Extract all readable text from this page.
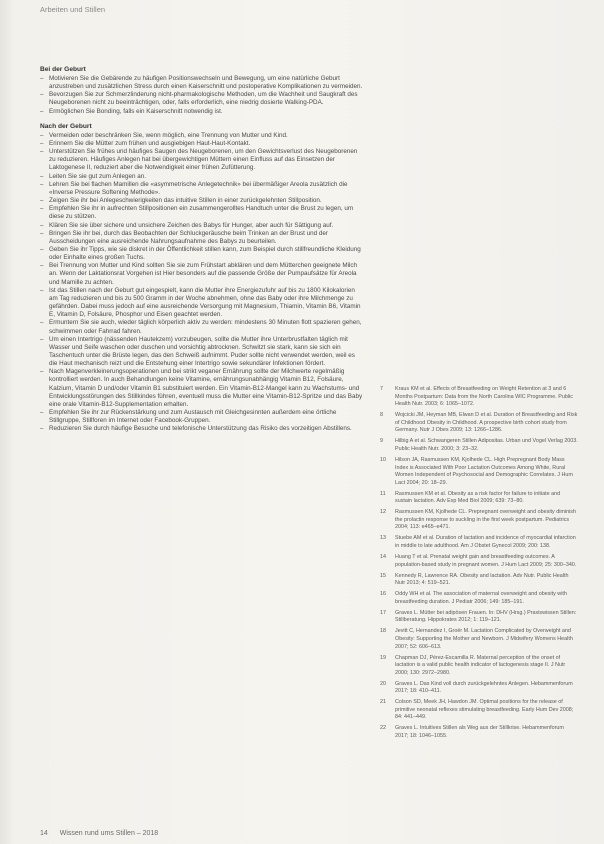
Arbeiten und Stillen
Bei der Geburt
– Motivieren Sie die Gebärende zu häufigen Positionswechseln und Bewegung, um eine natürliche Geburt anzustreben und zusätzlichen Stress durch einen Kaiserschnitt und postoperative Komplikationen zu vermeiden.
– Bevorzugen Sie zur Schmerzlinderung nicht-pharmakologische Methoden, um die Wachheit und Saugkraft des Neugeborenen nicht zu beeinträchtigen, oder, falls erforderlich, eine niedrig dosierte Walking-PDA.
– Ermöglichen Sie Bonding, falls ein Kaiserschnitt notwendig ist.
Nach der Geburt
– Vermeiden oder beschränken Sie, wenn möglich, eine Trennung von Mutter und Kind.
– Erinnern Sie die Mütter zum frühen und ausgiebigen Haut-Haut-Kontakt.
– Unterstützen Sie frühes und häufiges Saugen des Neugeborenen, um den Gewichtsverlust des Neugeborenen zu reduzieren. Häufiges Anlegen hat bei übergewichtigen Müttern einen Einfluss auf das Einsetzen der Laktogenese II, reduziert aber die Notwendigkeit einer frühen Zufütterung.
– Leiten Sie sie gut zum Anlegen an.
– Lehren Sie bei flachen Mamillen die «asymmetrische Anlegetechnik» bei übermäßiger Areola zusätzlich die «Inverse Pressure Softening Methode».
– Zeigen Sie ihr bei Anlegeschwierigkeiten das intuitive Stillen in einer zurückgelehnten Stillposition.
– Empfehlen Sie ihr in aufrechten Stillpositionen ein zusammengerolltes Handtuch unter die Brust zu legen, um diese zu stützen.
– Klären Sie sie über sichere und unsichere Zeichen des Babys für Hunger, aber auch für Sättigung auf.
– Bringen Sie ihr bei, durch das Beobachten der Schluckgeräusche beim Trinken an der Brust und der Ausscheidungen eine ausreichende Nahrungsaufnahme des Babys zu beurteilen.
– Geben Sie ihr Tipps, wie sie diskret in der Öffentlichkeit stillen kann, zum Beispiel durch stillfreundliche Kleidung oder Einhalte eines großen Tuchs.
– Bei Trennung von Mutter und Kind sollten Sie sie zum Frühstart abklären und dem Mütterchen geeignete Milch an. Wenn der Laktationsrat Vorgehen ist Hier besonders auf die passende Größe der Pumpaufsätze für Areola und Mamille zu achten.
– Ist das Stillen nach der Geburt gut eingespielt, kann die Mutter ihre Energiezufuhr auf bis zu 1800 Kilokalorien am Tag reduzieren und bis zu 500 Gramm in der Woche abnehmen, ohne das Baby oder ihre Milchmenge zu gefährden. Dabei muss jedoch auf eine ausreichende Versorgung mit Magnesium, Thiamin, Vitamin B6, Vitamin E, Vitamin D, Folsäure, Phosphor und Eisen geachtet werden.
– Ermuntern Sie sie auch, wieder täglich körperlich aktiv zu werden: mindestens 30 Minuten flott spazieren gehen, schwimmen oder Fahrrad fahren.
– Um einen Intertrigo (nässenden Hautekzem) vorzubeugen, sollte die Mutter ihre Unterbrustfalten täglich mit Wasser und Seife waschen oder duschen und vorsichtig abtrocknen. Schwitzt sie stark, kann sie sich ein Taschentuch unter die Brüste legen, das den Schweiß aufnimmt. Puder sollte nicht verwendet werden, weil es die Haut mechanisch reizt und die Entstehung einer Intertrigo sowie sekundärer Infektionen fördert.
– Nach Magenverkleinerungsoperationen und bei strikt veganer Ernährung sollte der Milchwerte regelmäßig kontrolliert werden. In auch Behandlungen keine Vitamine, ernährungsunabhängig Vitamin B12, Folsäure, Kalzium, Vitamin D und/oder Vitamin B1 substituiert werden. Ein Vitamin-B12-Mangel kann zu Wachstums- und Entwicklungsstörungen des Stillkindes führen, eventuell muss die Mutter eine Vitamin-B12-Spritze und das Baby eine orale Vitamin-B12-Supplementation erhalten.
– Empfehlen Sie ihr zur Rückenstärkung und zum Austausch mit Gleichgesinnten außerdem eine örtliche Stillgruppe, Stillforen im Internet oder Facebook-Gruppen.
– Reduzieren Sie durch häufige Besuche und telefonische Unterstützung das Risiko des vorzeitigen Abstillens.
7 Kraus KM et al. Effects of Breastfeeding on Weight Retention at 3 and 6 Months Postpartum: Data from the North Carolina WIC Programme. Public Health Nutr. 2003; 6: 1065–1072.
8 Wojcicki JM, Heyman MB, Elwan D et al. Duration of Breastfeeding and Risk of Childhood Obesity in Childhood. A prospective birth cohort study from Germany. Nutr J Obes 2009; 13: 1266–1286.
9 Hilbig A et al. Schwangeren Stillen Adipositas. Urban und Vogel Verlag 2003. Public Health Nutr. 2000; 3: 23–32.
10 Hilson JA, Rasmussen KM, Kjolhede CL. High Prepregnant Body Mass Index is Associated With Poor Lactation Outcomes Among White, Rural Women Independent of Psychosocial and Demographic Correlates. J Hum Lact 2004; 20: 18–29.
11 Rasmussen KM et al. Obesity as a risk factor for failure to initiate and sustain lactation. Adv Exp Med Biol 2009; 639: 73–80.
12 Rasmussen KM, Kjolhede CL. Prepregnant overweight and obesity diminish the prolactin response to suckling in the first week postpartum. Pediatrics 2004; 113: e465–e471.
13 Stuebe AM et al. Duration of lactation and incidence of myocardial infarction in middle to late adulthood. Am J Obstet Gynecol 2009; 200: 138.
14 Huang T et al. Prenatal weight gain and breastfeeding outcomes. A population-based study in pregnant women. J Hum Lact 2009; 25: 300–340.
15 Kennedy R, Lawrence RA. Obesity and lactation. Adv Nutr. Public Health Nutr 2013; 4: 519–521.
16 Oddy WH et al. The association of maternal overweight and obesity with breastfeeding duration. J Pediatr 2006; 149: 185–191.
17 Graves L. Mütter bei adipösen Frauen. In: DHV (Hrsg.) Praxiswissen Stillen: Stillberatung. Hippokrates 2012; 1: 119–121.
18 Jevitt C, Hernandez I, Groër M. Lactation Complicated by Overweight and Obesity: Supporting the Mother and Newborn. J Midwifery Womens Health 2007; 52: 606–613.
19 Chapman DJ, Pérez-Escamilla R. Maternal perception of the onset of lactation is a valid public health indicator of lactogenesis stage II. J Nutr 2000; 130: 2972–2980.
20 Graves L. Das Kind voll durch zurückgelehntes Anlegen. Hebammenforum 2017; 18: 410–411.
21 Colson SD, Meek JH, Hawdon JM. Optimal positions for the release of primitive neonatal reflexes stimulating breastfeeding. Early Hum Dev 2008; 84: 441–449.
22 Graves L. Intuitives Stillen als Weg aus der Stillkrise. Hebammenforum 2017; 18: 1046–1055.
14 Wissen rund ums Stillen – 2018
